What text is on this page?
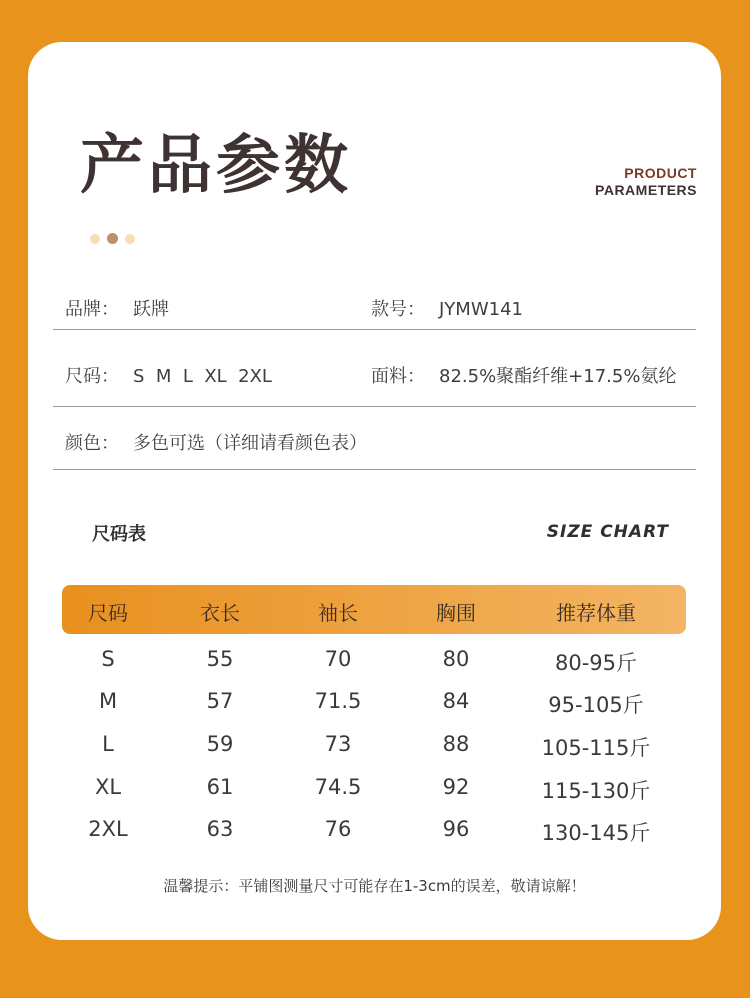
产品参数	PRODUCT
PARAMETERS
品牌： 跃牌	款号： JYMW141
尺码： S  M  L  XL  2XL	面料： 82.5%聚酯纤维+17.5%氨纶
颜色： 多色可选（详细请看颜色表）
尺码表	SIZE CHART
尺码	衣长	袖长	胸围	推荐体重
S	55	70	80	80-95斤
M	57	71.5	84	95-105斤
L	59	73	88	105-115斤
XL	61	74.5	92	115-130斤
2XL	63	76	96	130-145斤
温馨提示：平铺图测量尺寸可能存在1-3cm的误差，敬请谅解！
